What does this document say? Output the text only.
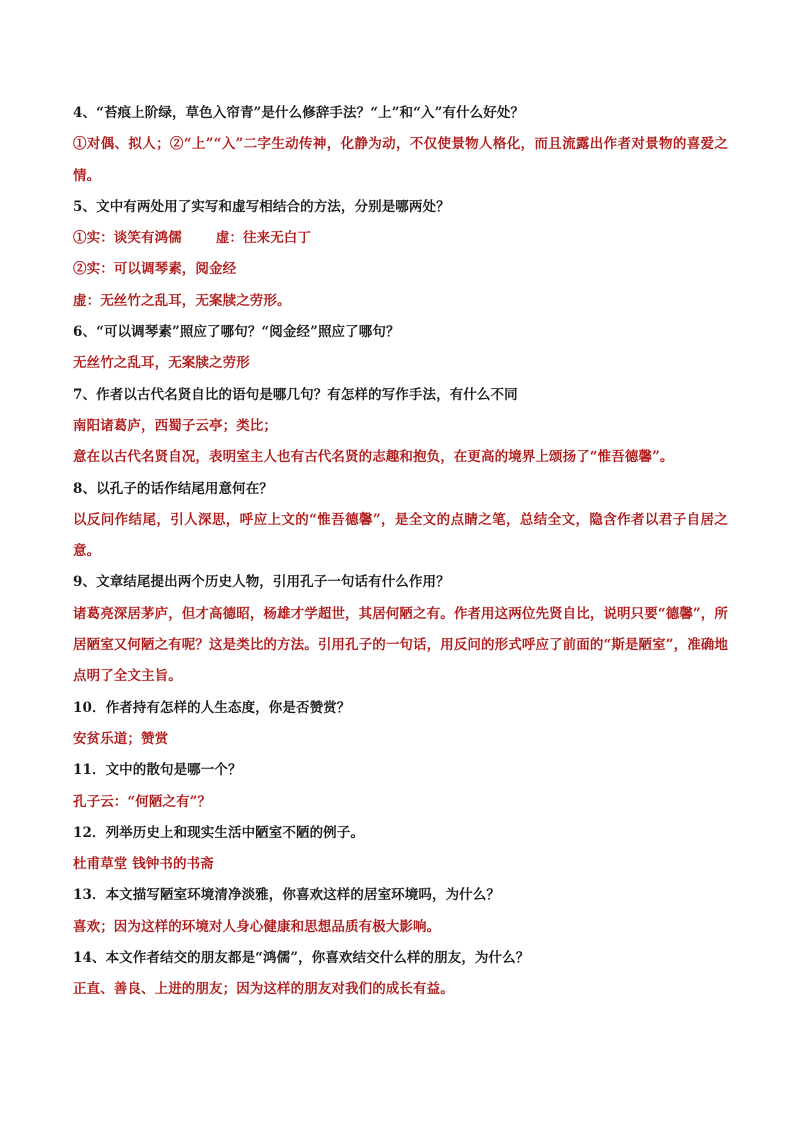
4、“苔痕上阶绿，草色入帘青”是什么修辞手法？“上”和“入”有什么好处？
①对偶、拟人；②“上”“入”二字生动传神，化静为动，不仅使景物人格化，而且流露出作者对景物的喜爱之情。
5、文中有两处用了实写和虚写相结合的方法，分别是哪两处？
①实：谈笑有鸿儒	虚：往来无白丁
②实：可以调琴素，阅金经
虚：无丝竹之乱耳，无案牍之劳形。
6、“可以调琴素”照应了哪句？“阅金经”照应了哪句？
无丝竹之乱耳，无案牍之劳形
7、作者以古代名贤自比的语句是哪几句？有怎样的写作手法，有什么不同
南阳诸葛庐，西蜀子云亭；类比；
意在以古代名贤自况，表明室主人也有古代名贤的志趣和抱负，在更高的境界上颂扬了“惟吾德馨”。
8、以孔子的话作结尾用意何在？
以反问作结尾，引人深思，呼应上文的“惟吾德馨”，是全文的点睛之笔，总结全文，隐含作者以君子自居之意。
9、文章结尾提出两个历史人物，引用孔子一句话有什么作用？
诸葛亮深居茅庐，但才高德昭，杨雄才学超世，其居何陋之有。作者用这两位先贤自比，说明只要“德馨”，所居陋室又何陋之有呢？这是类比的方法。引用孔子的一句话，用反问的形式呼应了前面的“斯是陋室”，准确地点明了全文主旨。
10．作者持有怎样的人生态度，你是否赞赏？
安贫乐道；赞赏
11．文中的散句是哪一个？
孔子云：“何陋之有”？
12．列举历史上和现实生活中陋室不陋的例子。
杜甫草堂 钱钟书的书斋
13．本文描写陋室环境清净淡雅，你喜欢这样的居室环境吗，为什么？
喜欢；因为这样的环境对人身心健康和思想品质有极大影响。
14、本文作者结交的朋友都是“鸿儒”，你喜欢结交什么样的朋友，为什么？
正直、善良、上进的朋友；因为这样的朋友对我们的成长有益。
